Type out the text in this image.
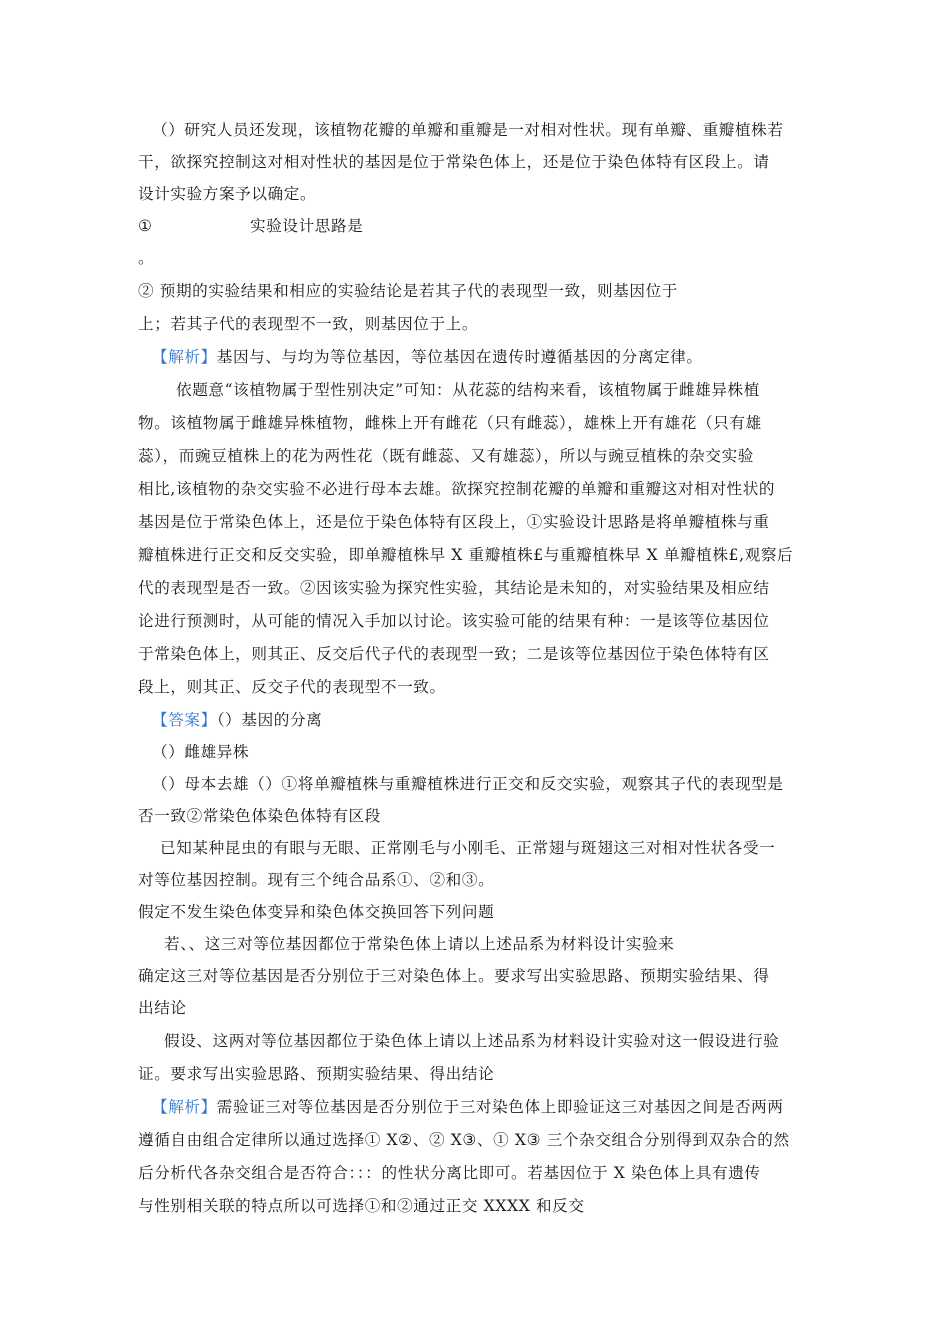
（）研究人员还发现，该植物花瓣的单瓣和重瓣是一对相对性状。现有单瓣、重瓣植株若
干，欲探究控制这对相对性状的基因是位于常染色体上，还是位于染色体特有区段上。请
设计实验方案予以确定。
①	实验设计思路是
。
② 预期的实验结果和相应的实验结论是若其子代的表现型一致，则基因位于
上；若其子代的表现型不一致，则基因位于上。
【解析】基因与、与均为等位基因，等位基因在遗传时遵循基因的分离定律。
依题意“该植物属于型性别决定”可知：从花蕊的结构来看，该植物属于雌雄异株植
物。该植物属于雌雄异株植物，雌株上开有雌花（只有雌蕊），雄株上开有雄花（只有雄
蕊），而豌豆植株上的花为两性花（既有雌蕊、又有雄蕊），所以与豌豆植株的杂交实验
相比,该植物的杂交实验不必进行母本去雄。欲探究控制花瓣的单瓣和重瓣这对相对性状的
基因是位于常染色体上，还是位于染色体特有区段上，①实验设计思路是将单瓣植株与重
瓣植株进行正交和反交实验，即单瓣植株早 X 重瓣植株£与重瓣植株早 X 单瓣植株£,观察后
代的表现型是否一致。②因该实验为探究性实验，其结论是未知的，对实验结果及相应结
论进行预测时，从可能的情况入手加以讨论。该实验可能的结果有种：一是该等位基因位
于常染色体上，则其正、反交后代子代的表现型一致；二是该等位基因位于染色体特有区
段上，则其正、反交子代的表现型不一致。
【答案】（）基因的分离
（）雌雄异株
（）母本去雄（）①将单瓣植株与重瓣植株进行正交和反交实验，观察其子代的表现型是
否一致②常染色体染色体特有区段
已知某种昆虫的有眼与无眼、正常刚毛与小刚毛、正常翅与斑翅这三对相对性状各受一
对等位基因控制。现有三个纯合品系①、②和③。
假定不发生染色体变异和染色体交换回答下列问题
若、、这三对等位基因都位于常染色体上请以上述品系为材料设计实验来
确定这三对等位基因是否分别位于三对染色体上。要求写出实验思路、预期实验结果、得
出结论
假设、这两对等位基因都位于染色体上请以上述品系为材料设计实验对这一假设进行验
证。要求写出实验思路、预期实验结果、得出结论
【解析】需验证三对等位基因是否分别位于三对染色体上即验证这三对基因之间是否两两
遵循自由组合定律所以通过选择① X②、② X③、① X③ 三个杂交组合分别得到双杂合的然
后分析代各杂交组合是否符合：：：的性状分离比即可。若基因位于 X 染色体上具有遗传
与性别相关联的特点所以可选择①和②通过正交 XXXX 和反交
